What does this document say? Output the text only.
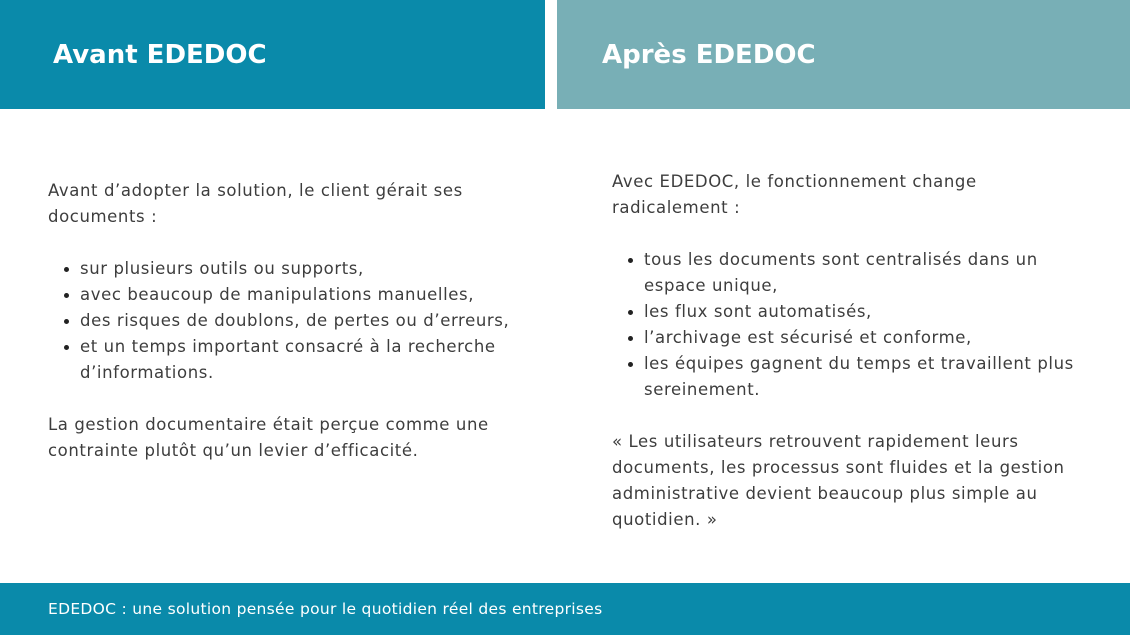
Avant EDEDOC	Après EDEDOC

Avant d’adopter la solution, le client gérait ses documents :

• sur plusieurs outils ou supports,
• avec beaucoup de manipulations manuelles,
• des risques de doublons, de pertes ou d’erreurs,
• et un temps important consacré à la recherche d’informations.

La gestion documentaire était perçue comme une contrainte plutôt qu’un levier d’efficacité.

Avec EDEDOC, le fonctionnement change radicalement :

• tous les documents sont centralisés dans un espace unique,
• les flux sont automatisés,
• l’archivage est sécurisé et conforme,
• les équipes gagnent du temps et travaillent plus sereinement.

« Les utilisateurs retrouvent rapidement leurs documents, les processus sont fluides et la gestion administrative devient beaucoup plus simple au quotidien. »

EDEDOC : une solution pensée pour le quotidien réel des entreprises
